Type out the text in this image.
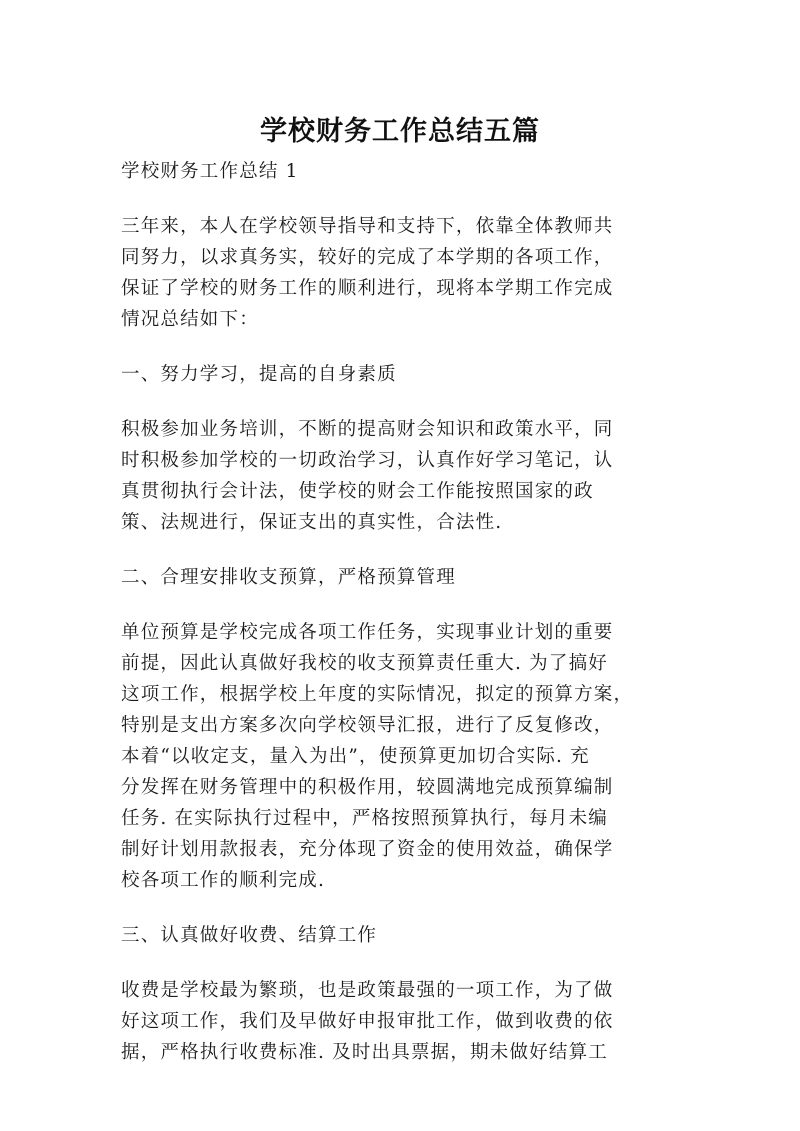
学校财务工作总结五篇
学校财务工作总结 1
三年来，本人在学校领导指导和支持下，依靠全体教师共
同努力，以求真务实，较好的完成了本学期的各项工作，
保证了学校的财务工作的顺利进行，现将本学期工作完成
情况总结如下：
一、努力学习，提高的自身素质
积极参加业务培训，不断的提高财会知识和政策水平，同
时积极参加学校的一切政治学习，认真作好学习笔记，认
真贯彻执行会计法，使学校的财会工作能按照国家的政
策、法规进行，保证支出的真实性，合法性.
二、合理安排收支预算，严格预算管理
单位预算是学校完成各项工作任务，实现事业计划的重要
前提，因此认真做好我校的收支预算责任重大. 为了搞好
这项工作，根据学校上年度的实际情况，拟定的预算方案，
特别是支出方案多次向学校领导汇报，进行了反复修改，
本着“以收定支，量入为出”，使预算更加切合实际. 充
分发挥在财务管理中的积极作用，较圆满地完成预算编制
任务. 在实际执行过程中，严格按照预算执行，每月未编
制好计划用款报表，充分体现了资金的使用效益，确保学
校各项工作的顺利完成.
三、认真做好收费、结算工作
收费是学校最为繁琐，也是政策最强的一项工作，为了做
好这项工作，我们及早做好申报审批工作，做到收费的依
据，严格执行收费标准. 及时出具票据，期未做好结算工
